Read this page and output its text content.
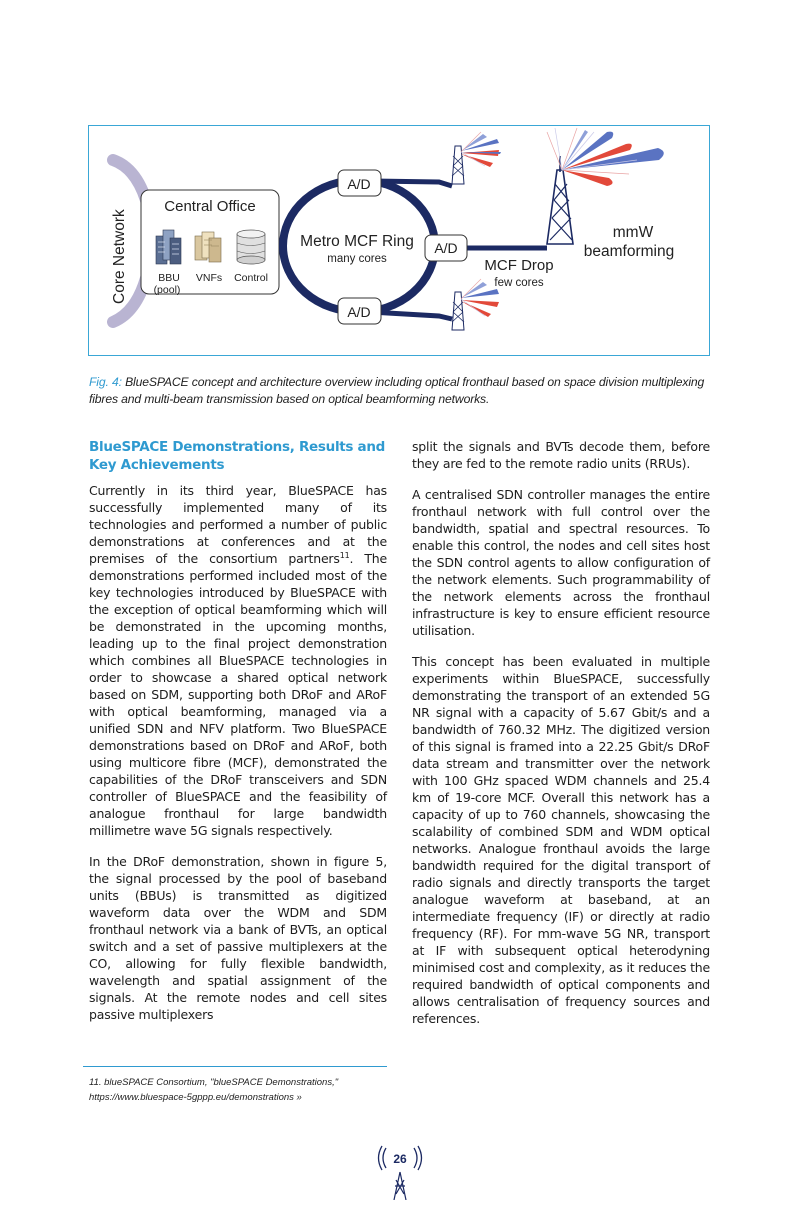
Core Network
Central Office
BBU
(pool)
VNFs Control
Metro MCF Ring
many cores
A/D
A/D
A/D
MCF Drop
few cores
mmW
beamforming
Fig. 4: BlueSPACE concept and architecture overview including optical fronthaul based on space division multiplexing fibres and multi-beam transmission based on optical beamforming networks.
BlueSPACE Demonstrations, Results and Key Achievements

Currently in its third year, BlueSPACE has successfully implemented many of its technologies and performed a number of public demonstrations at conferences and at the premises of the consortium partners$^{11}$. The demonstrations performed included most of the key technologies introduced by BlueSPACE with the exception of optical beamforming which will be demonstrated in the upcoming months, leading up to the final project demonstration which combines all BlueSPACE technologies in order to showcase a shared optical network based on SDM, supporting both DRoF and ARoF with optical beamforming, managed via a unified SDN and NFV platform. Two BlueSPACE demonstrations based on DRoF and ARoF, both using multicore fibre (MCF), demonstrated the capabilities of the DRoF transceivers and SDN controller of BlueSPACE and the feasibility of analogue fronthaul for large bandwidth millimetre wave 5G signals respectively.

In the DRoF demonstration, shown in figure 5, the signal processed by the pool of baseband units (BBUs) is transmitted as digitized waveform data over the WDM and SDM fronthaul network via a bank of BVTs, an optical switch and a set of passive multiplexers at the CO, allowing for fully flexible bandwidth, wavelength and spatial assignment of the signals. At the remote nodes and cell sites passive multiplexers

split the signals and BVTs decode them, before they are fed to the remote radio units (RRUs).

A centralised SDN controller manages the entire fronthaul network with full control over the bandwidth, spatial and spectral resources. To enable this control, the nodes and cell sites host the SDN control agents to allow configuration of the network elements. Such programmability of the network elements across the fronthaul infrastructure is key to ensure efficient resource utilisation.

This concept has been evaluated in multiple experiments within BlueSPACE, successfully demonstrating the transport of an extended 5G NR signal with a capacity of 5.67 Gbit/s and a bandwidth of 760.32 MHz. The digitized version of this signal is framed into a 22.25 Gbit/s DRoF data stream and transmitter over the network with 100 GHz spaced WDM channels and 25.4 km of 19-core MCF. Overall this network has a capacity of up to 760 channels, showcasing the scalability of combined SDM and WDM optical networks. Analogue fronthaul avoids the large bandwidth required for the digital transport of radio signals and directly transports the target analogue waveform at baseband, at an intermediate frequency (IF) or directly at radio frequency (RF). For mm-wave 5G NR, transport at IF with subsequent optical heterodyning minimised cost and complexity, as it reduces the required bandwidth of optical components and allows centralisation of frequency sources and references.

11. blueSPACE Consortium, "blueSPACE Demonstrations,"
https://www.bluespace-5gppp.eu/demonstrations »
26
